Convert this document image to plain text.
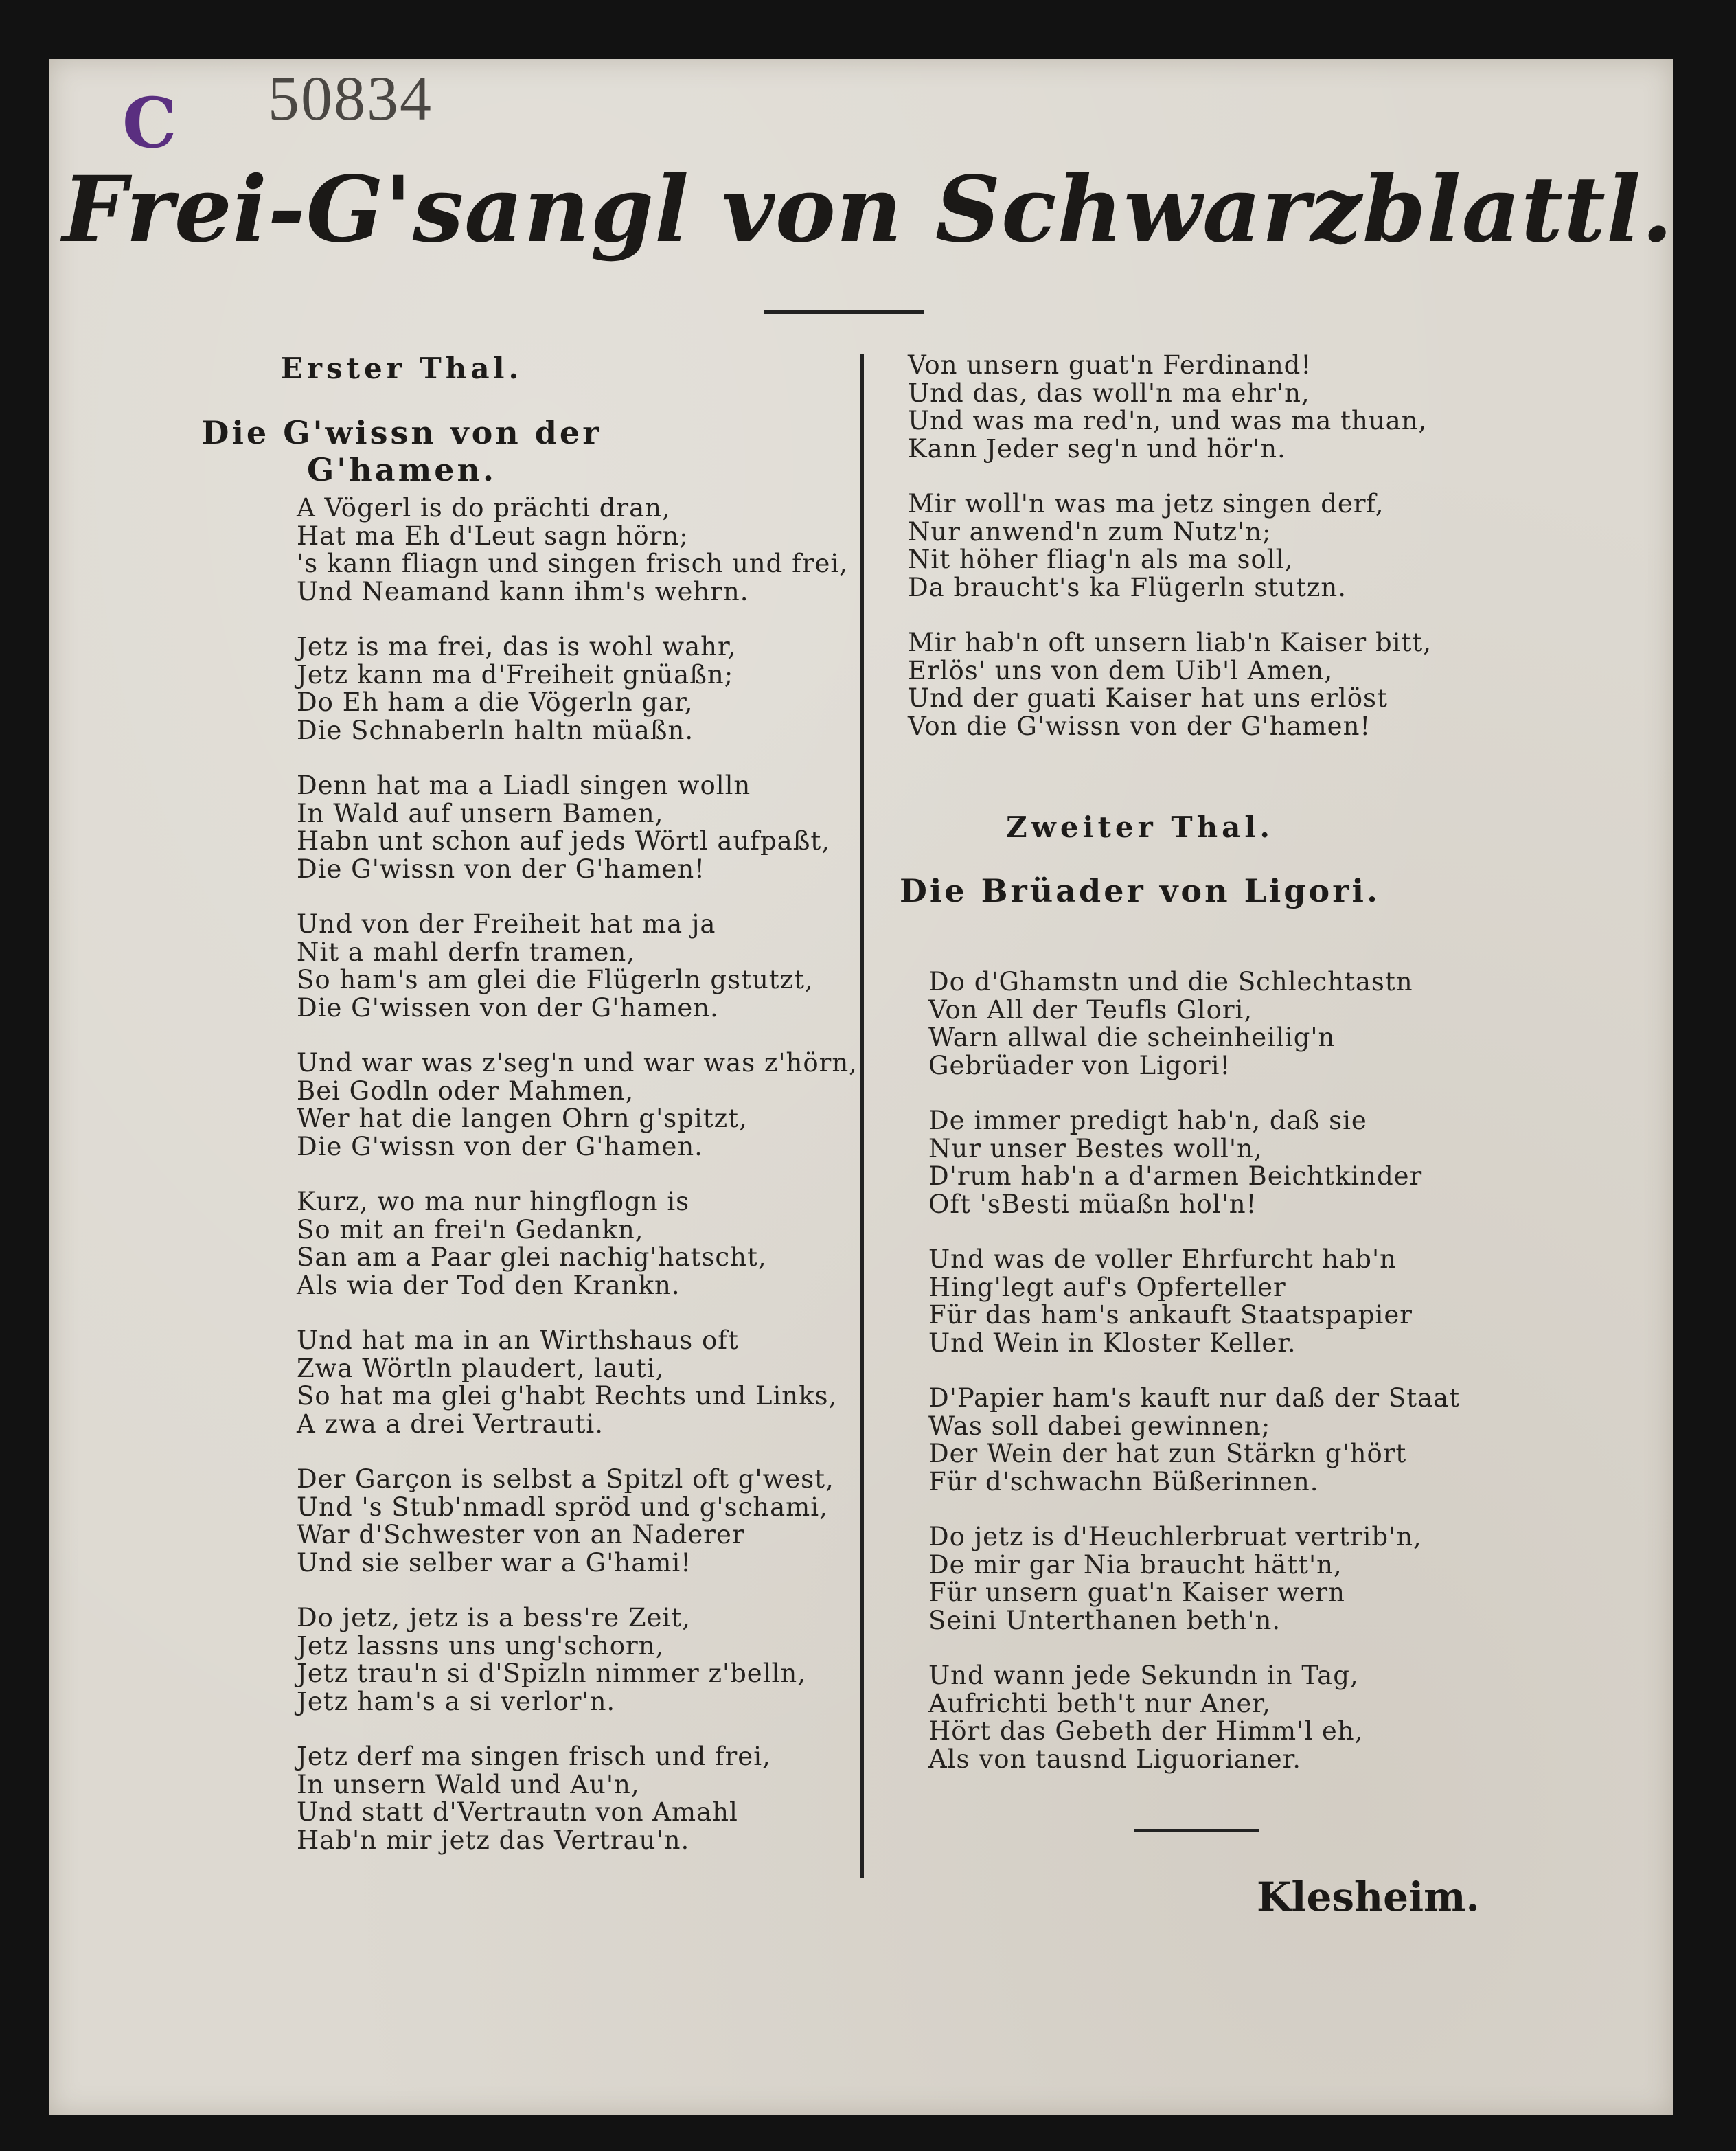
C 50834
Frei-G'sangl von Schwarzblattl.
Erster Thal.
Die G'wissn von der G'hamen.
A Vögerl is do prächti dran,
Hat ma Eh d'Leut sagn hörn;
's kann fliagn und singen frisch und frei,
Und Neamand kann ihm's wehrn.
Jetz is ma frei, das is wohl wahr,
Jetz kann ma d'Freiheit gnüaßn;
Do Eh ham a die Vögerln gar,
Die Schnaberln haltn müaßn.
Denn hat ma a Liadl singen wolln
In Wald auf unsern Bamen,
Habn unt schon auf jeds Wörtl aufpaßt,
Die G'wissn von der G'hamen!
Und von der Freiheit hat ma ja
Nit a mahl derfn tramen,
So ham's am glei die Flügerln gstutzt,
Die G'wissen von der G'hamen.
Und war was z'seg'n und war was z'hörn,
Bei Godln oder Mahmen,
Wer hat die langen Ohrn g'spitzt,
Die G'wissn von der G'hamen.
Kurz, wo ma nur hingflogn is
So mit an frei'n Gedankn,
San am a Paar glei nachig'hatscht,
Als wia der Tod den Krankn.
Und hat ma in an Wirthshaus oft
Zwa Wörtln plaudert, lauti,
So hat ma glei g'habt Rechts und Links,
A zwa a drei Vertrauti.
Der Garçon is selbst a Spitzl oft g'west,
Und 's Stub'nmadl spröd und g'schami,
War d'Schwester von an Naderer
Und sie selber war a G'hami!
Do jetz, jetz is a bess're Zeit,
Jetz lassns uns ung'schorn,
Jetz trau'n si d'Spizln nimmer z'belln,
Jetz ham's a si verlor'n.
Jetz derf ma singen frisch und frei,
In unsern Wald und Au'n,
Und statt d'Vertrautn von Amahl
Hab'n mir jetz das Vertrau'n.
Von unsern guat'n Ferdinand!
Und das, das woll'n ma ehr'n,
Und was ma red'n, und was ma thuan,
Kann Jeder seg'n und hör'n.
Mir woll'n was ma jetz singen derf,
Nur anwend'n zum Nutz'n;
Nit höher fliag'n als ma soll,
Da braucht's ka Flügerln stutzn.
Mir hab'n oft unsern liab'n Kaiser bitt,
Erlös' uns von dem Uib'l Amen,
Und der guati Kaiser hat uns erlöst
Von die G'wissn von der G'hamen!
Do d'Ghamstn und die Schlechtastn
Von All der Teufls Glori,
Warn allwal die scheinheilig'n
Gebrüader von Ligori!
De immer predigt hab'n, daß sie
Nur unser Bestes woll'n,
D'rum hab'n a d'armen Beichtkinder
Oft 'sBesti müaßn hol'n!
Und was de voller Ehrfurcht hab'n
Hing'legt auf's Opferteller
Für das ham's ankauft Staatspapier
Und Wein in Kloster Keller.
D'Papier ham's kauft nur daß der Staat
Was soll dabei gewinnen;
Der Wein der hat zun Stärkn g'hört
Für d'schwachn Büßerinnen.
Do jetz is d'Heuchlerbruat vertrib'n,
De mir gar Nia braucht hätt'n,
Für unsern guat'n Kaiser wern
Seini Unterthanen beth'n.
Und wann jede Sekundn in Tag,
Aufrichti beth't nur Aner,
Hört das Gebeth der Himm'l eh,
Als von tausnd Liguorianer.
Zweiter Thal.
Die Brüader von Ligori.
Klesheim.
